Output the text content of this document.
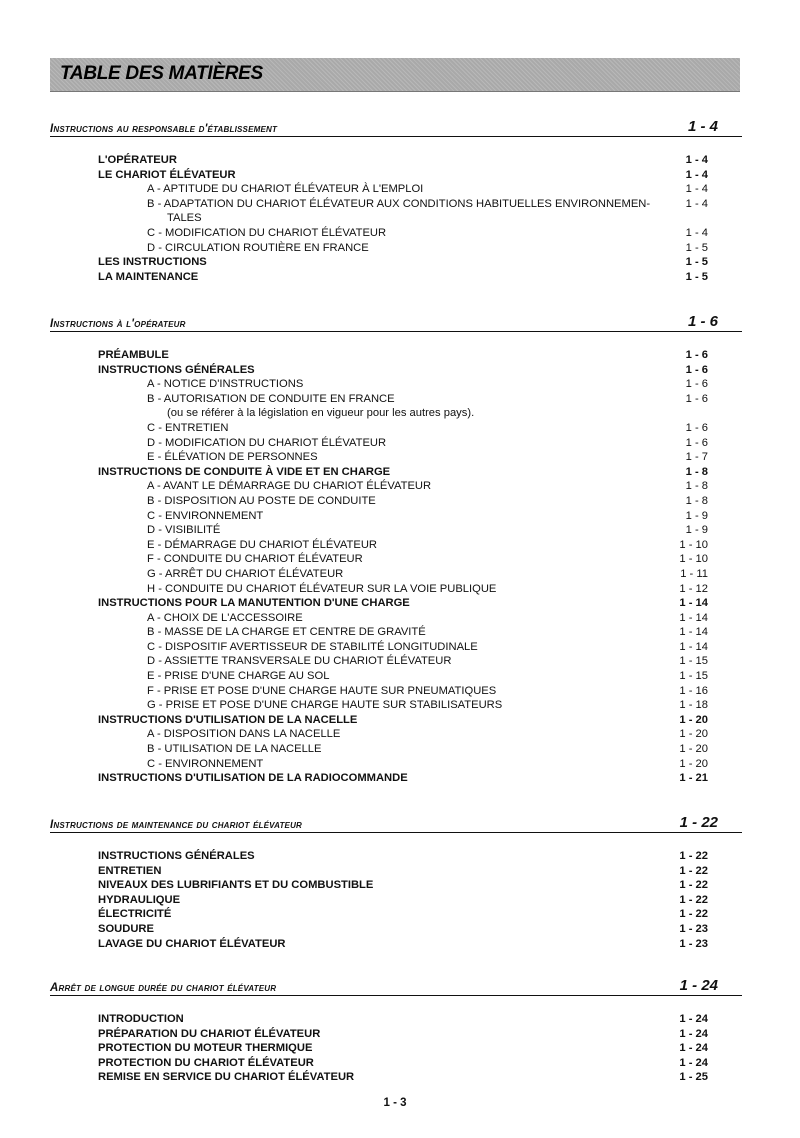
TABLE DES MATIÈRES
Instructions au responsable d'établissement	1 - 4
L'OPÉRATEUR	1 - 4
LE CHARIOT ÉLÉVATEUR	1 - 4
A - APTITUDE DU CHARIOT ÉLÉVATEUR À L'EMPLOI	1 - 4
B - ADAPTATION DU CHARIOT ÉLÉVATEUR AUX CONDITIONS HABITUELLES ENVIRONNEMEN-	1 - 4
TALES
C - MODIFICATION DU CHARIOT ÉLÉVATEUR	1 - 4
D - CIRCULATION ROUTIÈRE EN FRANCE	1 - 5
LES INSTRUCTIONS	1 - 5
LA MAINTENANCE	1 - 5
Instructions à l'opérateur	1 - 6
PRÉAMBULE	1 - 6
INSTRUCTIONS GÉNÉRALES	1 - 6
A - NOTICE D'INSTRUCTIONS	1 - 6
B - AUTORISATION DE CONDUITE EN FRANCE	1 - 6
(ou se référer à la législation en vigueur pour les autres pays).
C - ENTRETIEN	1 - 6
D - MODIFICATION DU CHARIOT ÉLÉVATEUR	1 - 6
E - ÉLÉVATION DE PERSONNES	1 - 7
INSTRUCTIONS DE CONDUITE À VIDE ET EN CHARGE	1 - 8
A - AVANT LE DÉMARRAGE DU CHARIOT ÉLÉVATEUR	1 - 8
B - DISPOSITION AU POSTE DE CONDUITE	1 - 8
C - ENVIRONNEMENT	1 - 9
D - VISIBILITÉ	1 - 9
E - DÉMARRAGE DU CHARIOT ÉLÉVATEUR	1 - 10
F - CONDUITE DU CHARIOT ÉLÉVATEUR	1 - 10
G - ARRÊT DU CHARIOT ÉLÉVATEUR	1 - 11
H - CONDUITE DU CHARIOT ÉLÉVATEUR SUR LA VOIE PUBLIQUE	1 - 12
INSTRUCTIONS POUR LA MANUTENTION D'UNE CHARGE	1 - 14
A - CHOIX DE L'ACCESSOIRE	1 - 14
B - MASSE DE LA CHARGE ET CENTRE DE GRAVITÉ	1 - 14
C - DISPOSITIF AVERTISSEUR DE STABILITÉ LONGITUDINALE	1 - 14
D - ASSIETTE TRANSVERSALE DU CHARIOT ÉLÉVATEUR	1 - 15
E - PRISE D'UNE CHARGE AU SOL	1 - 15
F - PRISE ET POSE D'UNE CHARGE HAUTE SUR PNEUMATIQUES	1 - 16
G - PRISE ET POSE D'UNE CHARGE HAUTE SUR STABILISATEURS	1 - 18
INSTRUCTIONS D'UTILISATION DE LA NACELLE	1 - 20
A - DISPOSITION DANS LA NACELLE	1 - 20
B - UTILISATION DE LA NACELLE	1 - 20
C - ENVIRONNEMENT	1 - 20
INSTRUCTIONS D'UTILISATION DE LA RADIOCOMMANDE	1 - 21
Instructions de maintenance du chariot élévateur	1 - 22
INSTRUCTIONS GÉNÉRALES	1 - 22
ENTRETIEN	1 - 22
NIVEAUX DES LUBRIFIANTS ET DU COMBUSTIBLE	1 - 22
HYDRAULIQUE	1 - 22
ÉLECTRICITÉ	1 - 22
SOUDURE	1 - 23
LAVAGE DU CHARIOT ÉLÉVATEUR	1 - 23
Arrêt de longue durée du chariot élévateur	1 - 24
INTRODUCTION	1 - 24
PRÉPARATION DU CHARIOT ÉLÉVATEUR	1 - 24
PROTECTION DU MOTEUR THERMIQUE	1 - 24
PROTECTION DU CHARIOT ÉLÉVATEUR	1 - 24
REMISE EN SERVICE DU CHARIOT ÉLÉVATEUR	1 - 25
1 - 3
